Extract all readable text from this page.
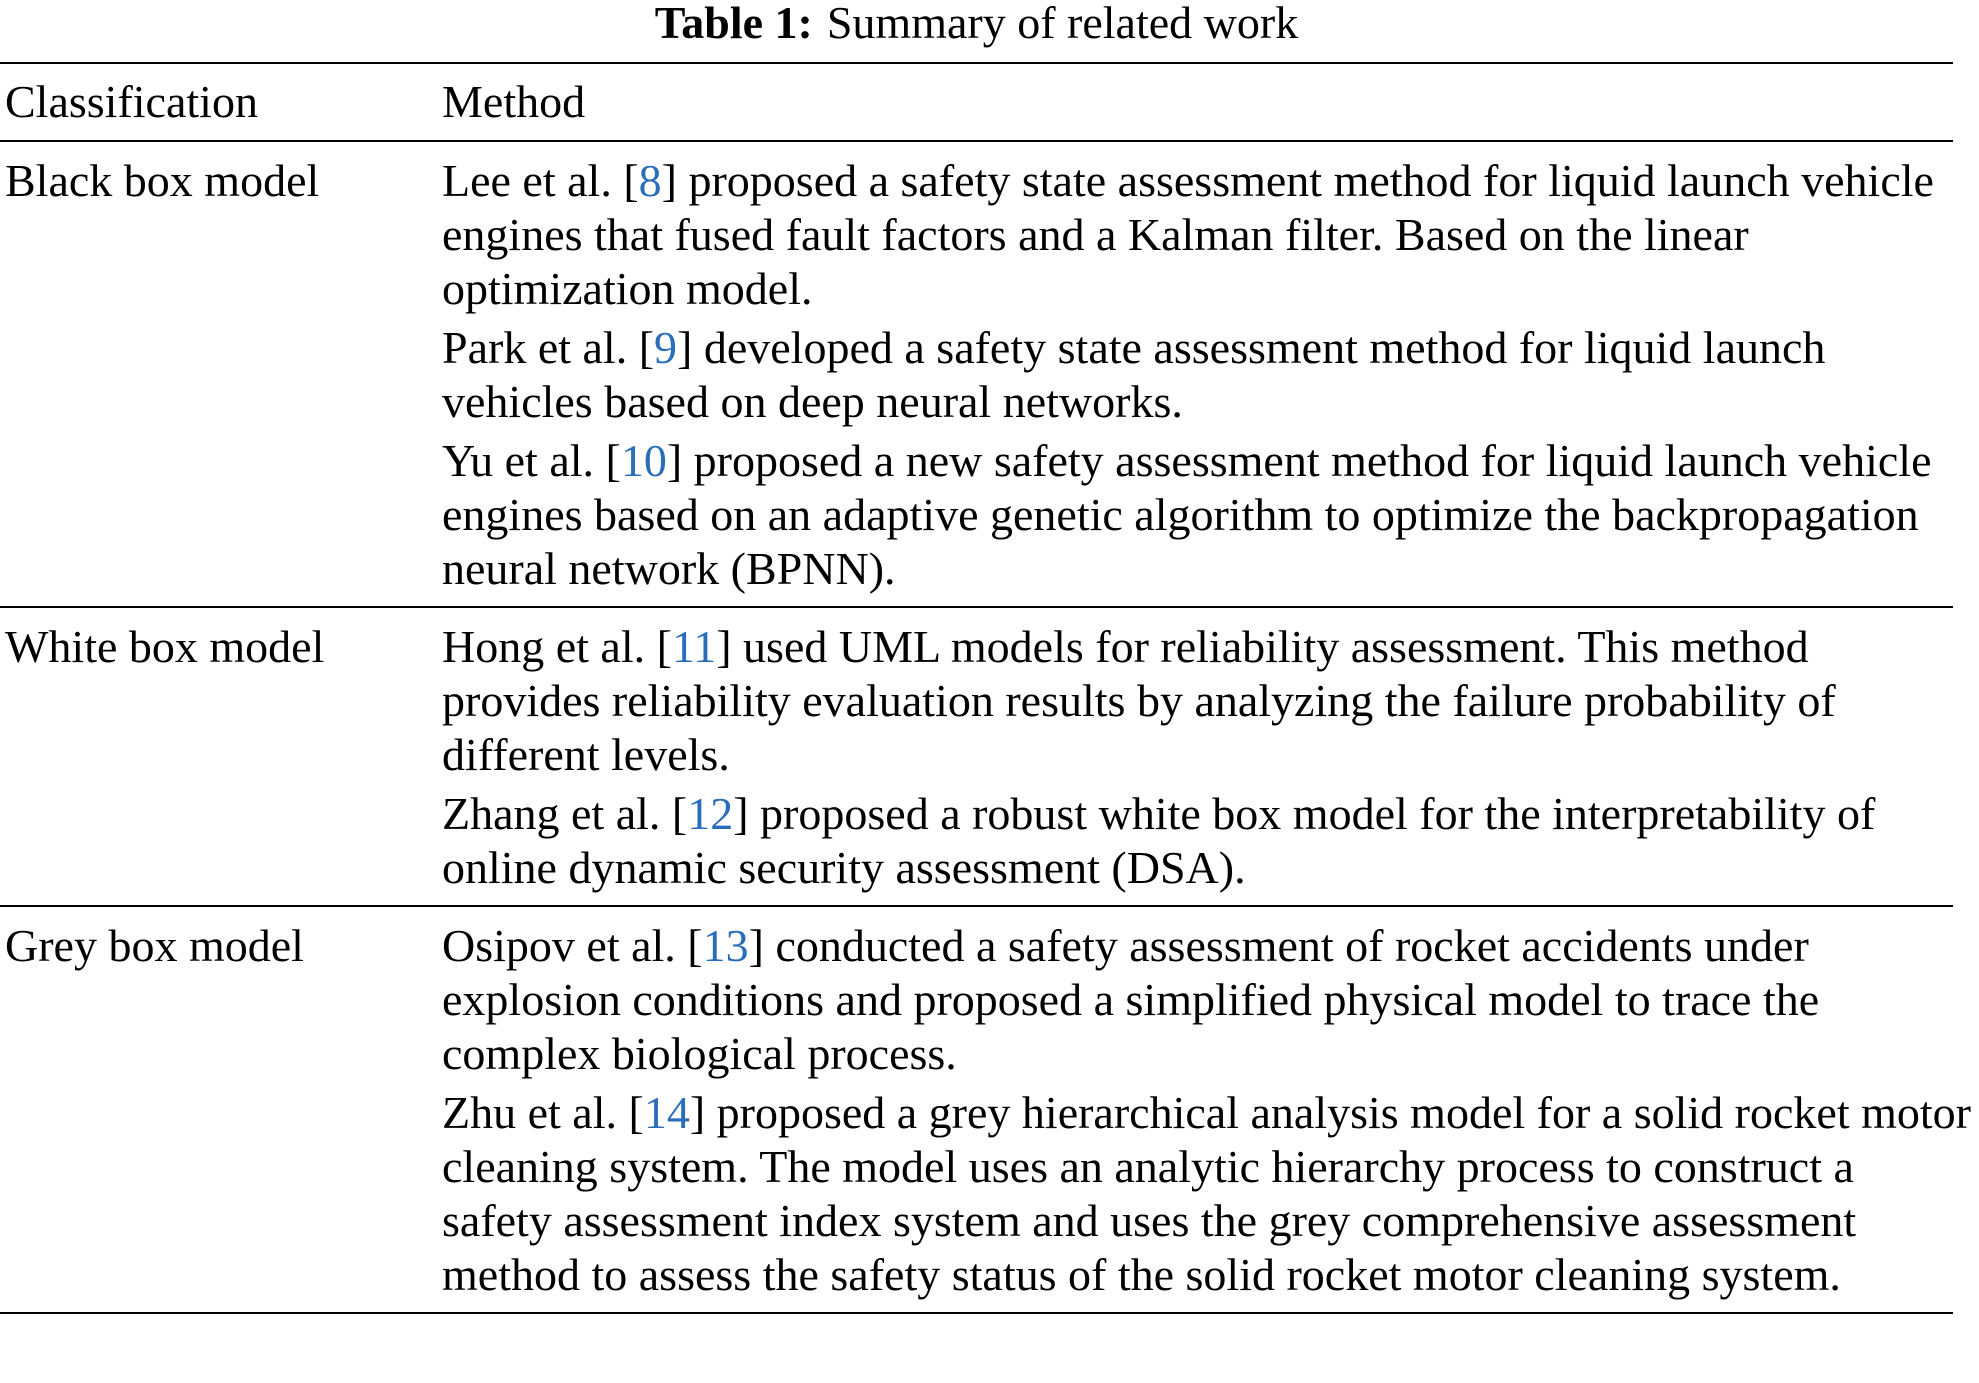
Table 1: Summary of related work
Classification	Method
Black box model	Lee et al. [8] proposed a safety state assessment method for liquid launch vehicle engines that fused fault factors and a Kalman filter. Based on the linear optimization model.

Park et al. [9] developed a safety state assessment method for liquid launch vehicles based on deep neural networks.

Yu et al. [10] proposed a new safety assessment method for liquid launch vehicle engines based on an adaptive genetic algorithm to optimize the backpropagation neural network (BPNN).

White box model	Hong et al. [11] used UML models for reliability assessment. This method provides reliability evaluation results by analyzing the failure probability of different levels.

Zhang et al. [12] proposed a robust white box model for the interpretability of online dynamic security assessment (DSA).

Grey box model	Osipov et al. [13] conducted a safety assessment of rocket accidents under explosion conditions and proposed a simplified physical model to trace the complex biological process.

Zhu et al. [14] proposed a grey hierarchical analysis model for a solid rocket motor cleaning system. The model uses an analytic hierarchy process to construct a safety assessment index system and uses the grey comprehensive assessment method to assess the safety status of the solid rocket motor cleaning system.
